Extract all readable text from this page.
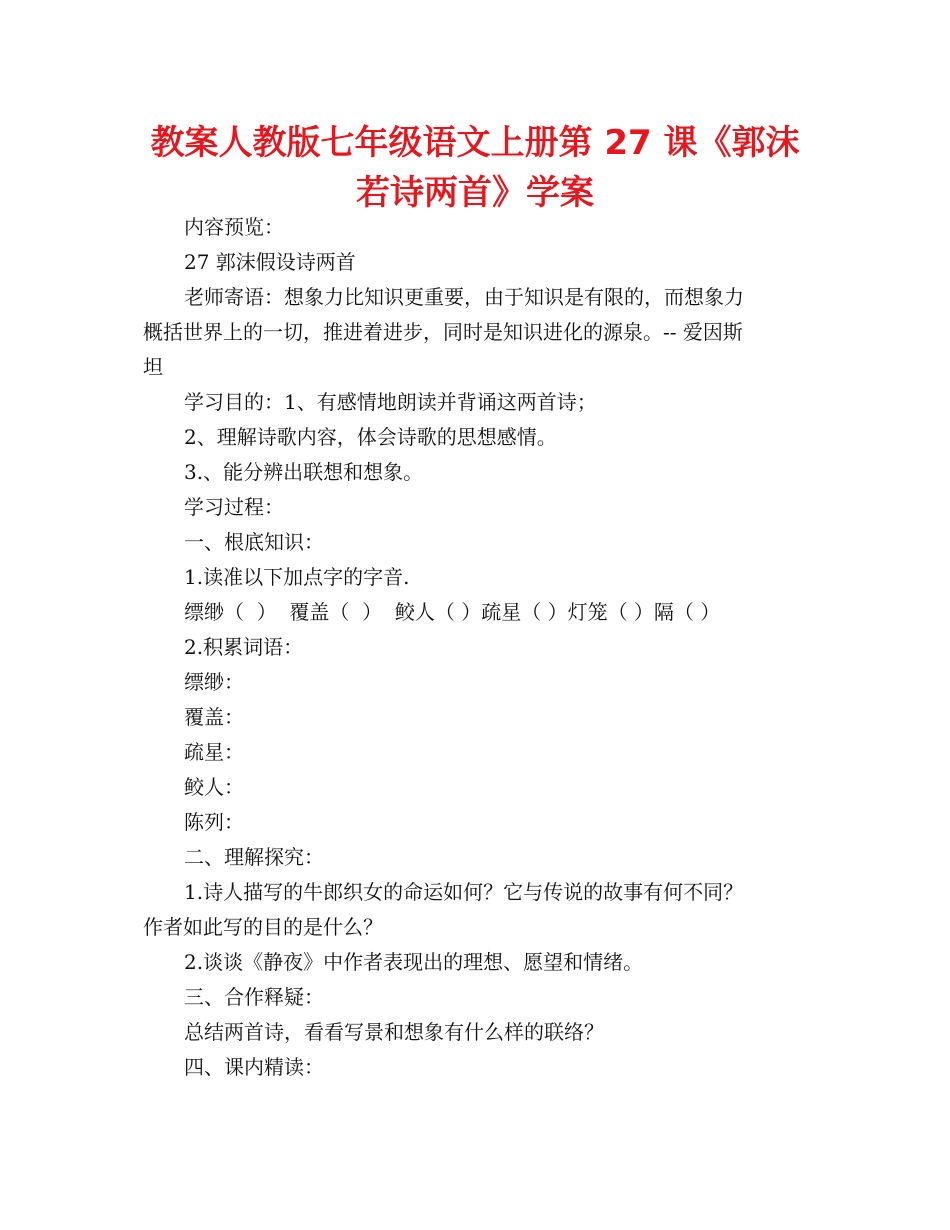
教案人教版七年级语文上册第 27 课《郭沫
若诗两首》学案
内容预览：
27 郭沫假设诗两首
老师寄语：想象力比知识更重要，由于知识是有限的，而想象力
概括世界上的一切，推进着进步，同时是知识进化的源泉。-- 爱因斯
坦
学习目的：1、有感情地朗读并背诵这两首诗；
2、理解诗歌内容，体会诗歌的思想感情。
3.、能分辨出联想和想象。
学习过程：
一、根底知识：
1.读准以下加点字的字音.
缥缈（  ）  覆盖（  ）  鲛人（ ）疏星（ ）灯笼（ ）隔（ ）
2.积累词语：
缥缈：
覆盖：
疏星：
鲛人：
陈列：
二、理解探究：
1.诗人描写的牛郎织女的命运如何？它与传说的故事有何不同？
作者如此写的目的是什么？
2.谈谈《静夜》中作者表现出的理想、愿望和情绪。
三、合作释疑：
总结两首诗，看看写景和想象有什么样的联络？
四、课内精读：
